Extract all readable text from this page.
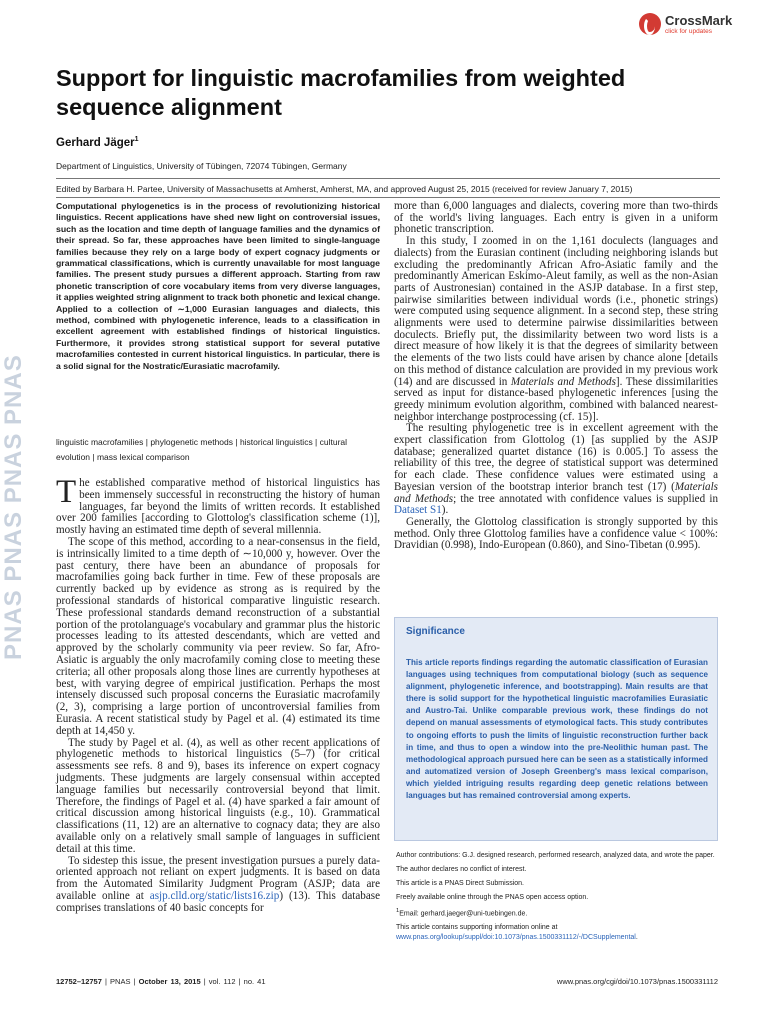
PNAS PNAS PNAS PNAS
CrossMark
click for updates
Support for linguistic macrofamilies from weighted sequence alignment
Gerhard Jäger$^1$
Department of Linguistics, University of Tübingen, 72074 Tübingen, Germany
Edited by Barbara H. Partee, University of Massachusetts at Amherst, Amherst, MA, and approved August 25, 2015 (received for review January 7, 2015)

Computational phylogenetics is in the process of revolutionizing historical linguistics. Recent applications have shed new light on controversial issues, such as the location and time depth of language families and the dynamics of their spread. So far, these approaches have been limited to single-language families because they rely on a large body of expert cognacy judgments or grammatical classifications, which is currently unavailable for most language families. The present study pursues a different approach. Starting from raw phonetic transcription of core vocabulary items from very diverse languages, it applies weighted string alignment to track both phonetic and lexical change. Applied to a collection of ∼1,000 Eurasian languages and dialects, this method, combined with phylogenetic inference, leads to a classification in excellent agreement with established findings of historical linguistics. Furthermore, it provides strong statistical support for several putative macrofamilies contested in current historical linguistics. In particular, there is a solid signal for the Nostratic/Eurasiatic macrofamily.

linguistic macrofamilies | phylogenetic methods | historical linguistics | cultural evolution | mass lexical comparison

The established comparative method of historical linguistics has been immensely successful in reconstructing the history of human languages, far beyond the limits of written records. It established over 200 families [according to Glottolog's classification scheme (1)], mostly having an estimated time depth of several millennia.

The scope of this method, according to a near-consensus in the field, is intrinsically limited to a time depth of ∼10,000 y, however. Over the past century, there have been an abundance of proposals for macrofamilies going back further in time. Few of these proposals are currently backed up by evidence as strong as is required by the professional standards of historical comparative linguistic research. These professional standards demand reconstruction of a substantial portion of the protolanguage's vocabulary and grammar plus the historic processes leading to its attested descendants, which are vetted and approved by the scholarly community via peer review. So far, Afro-Asiatic is arguably the only macrofamily coming close to meeting these criteria; all other proposals along those lines are currently hypotheses at best, with varying degree of empirical justification. Perhaps the most intensely discussed such proposal concerns the Eurasiatic macrofamily (2, 3), comprising a large portion of uncontroversial families from Eurasia. A recent statistical study by Pagel et al. (4) estimated its time depth at 14,450 y.

The study by Pagel et al. (4), as well as other recent applications of phylogenetic methods to historical linguistics (5–7) (for critical assessments see refs. 8 and 9), bases its inference on expert cognacy judgments. These judgments are largely consensual within accepted language families but necessarily controversial beyond that limit. Therefore, the findings of Pagel et al. (4) have sparked a fair amount of critical discussion among historical linguists (e.g., 10). Grammatical classifications (11, 12) are an alternative to cognacy data; they are also available only on a relatively small sample of languages in sufficient detail at this time.

To sidestep this issue, the present investigation pursues a purely data-oriented approach not reliant on expert judgments. It is based on data from the Automated Similarity Judgment Program (ASJP; data are available online at asjp.clld.org/static/lists16.zip) (13). This database comprises translations of 40 basic concepts for

more than 6,000 languages and dialects, covering more than two-thirds of the world's living languages. Each entry is given in a uniform phonetic transcription.

In this study, I zoomed in on the 1,161 doculects (languages and dialects) from the Eurasian continent (including neighboring islands but excluding the predominantly African Afro-Asiatic family and the predominantly American Eskimo-Aleut family, as well as the non-Asian parts of Austronesian) contained in the ASJP database. In a first step, pairwise similarities between individual words (i.e., phonetic strings) were computed using sequence alignment. In a second step, these string alignments were used to determine pairwise dissimilarities between doculects. Briefly put, the dissimilarity between two word lists is a direct measure of how likely it is that the degrees of similarity between the elements of the two lists could have arisen by chance alone [details on this method of distance calculation are provided in my previous work (14) and are discussed in Materials and Methods]. These dissimilarities served as input for distance-based phylogenetic inferences [using the greedy minimum evolution algorithm, combined with balanced nearest-neighbor interchange postprocessing (cf. 15)].

The resulting phylogenetic tree is in excellent agreement with the expert classification from Glottolog (1) [as supplied by the ASJP database; generalized quartet distance (16) is 0.005.] To assess the reliability of this tree, the degree of statistical support was determined for each clade. These confidence values were estimated using a Bayesian version of the bootstrap interior branch test (17) (Materials and Methods; the tree annotated with confidence values is supplied in Dataset S1).

Generally, the Glottolog classification is strongly supported by this method. Only three Glottolog families have a confidence value < 100%: Dravidian (0.998), Indo-European (0.860), and Sino-Tibetan (0.995).

Significance

This article reports findings regarding the automatic classification of Eurasian languages using techniques from computational biology (such as sequence alignment, phylogenetic inference, and bootstrapping). Main results are that there is solid support for the hypothetical linguistic macrofamilies Eurasiatic and Austro-Tai. Unlike comparable previous work, these findings do not depend on manual assessments of etymological facts. This study contributes to ongoing efforts to push the limits of linguistic reconstruction further back in time, and thus to open a window into the pre-Neolithic human past. The methodological approach pursued here can be seen as a statistically informed and automatized version of Joseph Greenberg's mass lexical comparison, which yielded intriguing results regarding deep genetic relations between languages but has remained controversial among experts.

Author contributions: G.J. designed research, performed research, analyzed data, and wrote the paper.

The author declares no conflict of interest.

This article is a PNAS Direct Submission.

Freely available online through the PNAS open access option.

$^1$Email: gerhard.jaeger@uni-tuebingen.de.

This article contains supporting information online at www.pnas.org/lookup/suppl/doi:10.1073/pnas.1500331112/-/DCSupplemental.

12752–12757 | PNAS | October 13, 2015 | vol. 112 | no. 41	www.pnas.org/cgi/doi/10.1073/pnas.1500331112
